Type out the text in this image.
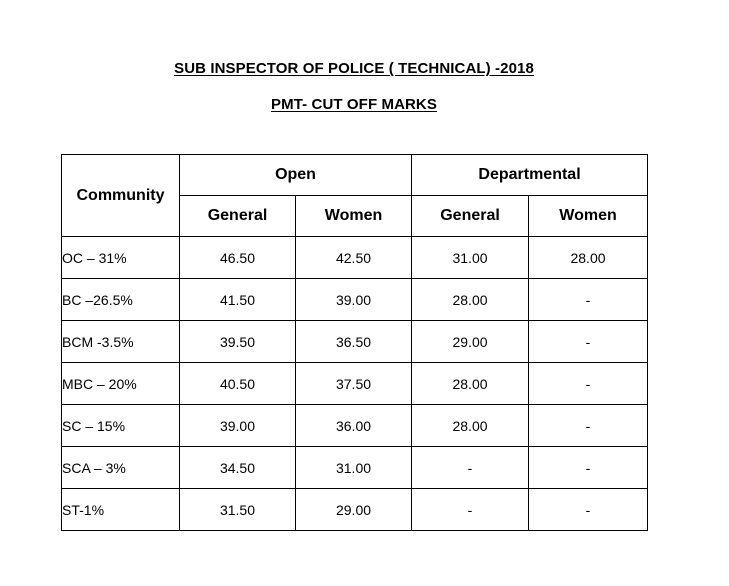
SUB INSPECTOR OF POLICE ( TECHNICAL) -2018
PMT- CUT OFF MARKS
Community	Open		Departmental	
	General	Women	General	Women
OC – 31%	46.50	42.50	31.00	28.00
BC –26.5%	41.50	39.00	28.00	-
BCM -3.5%	39.50	36.50	29.00	-
MBC – 20%	40.50	37.50	28.00	-
SC – 15%	39.00	36.00	28.00	-
SCA – 3%	34.50	31.00	-	-
ST-1%	31.50	29.00	-	-
